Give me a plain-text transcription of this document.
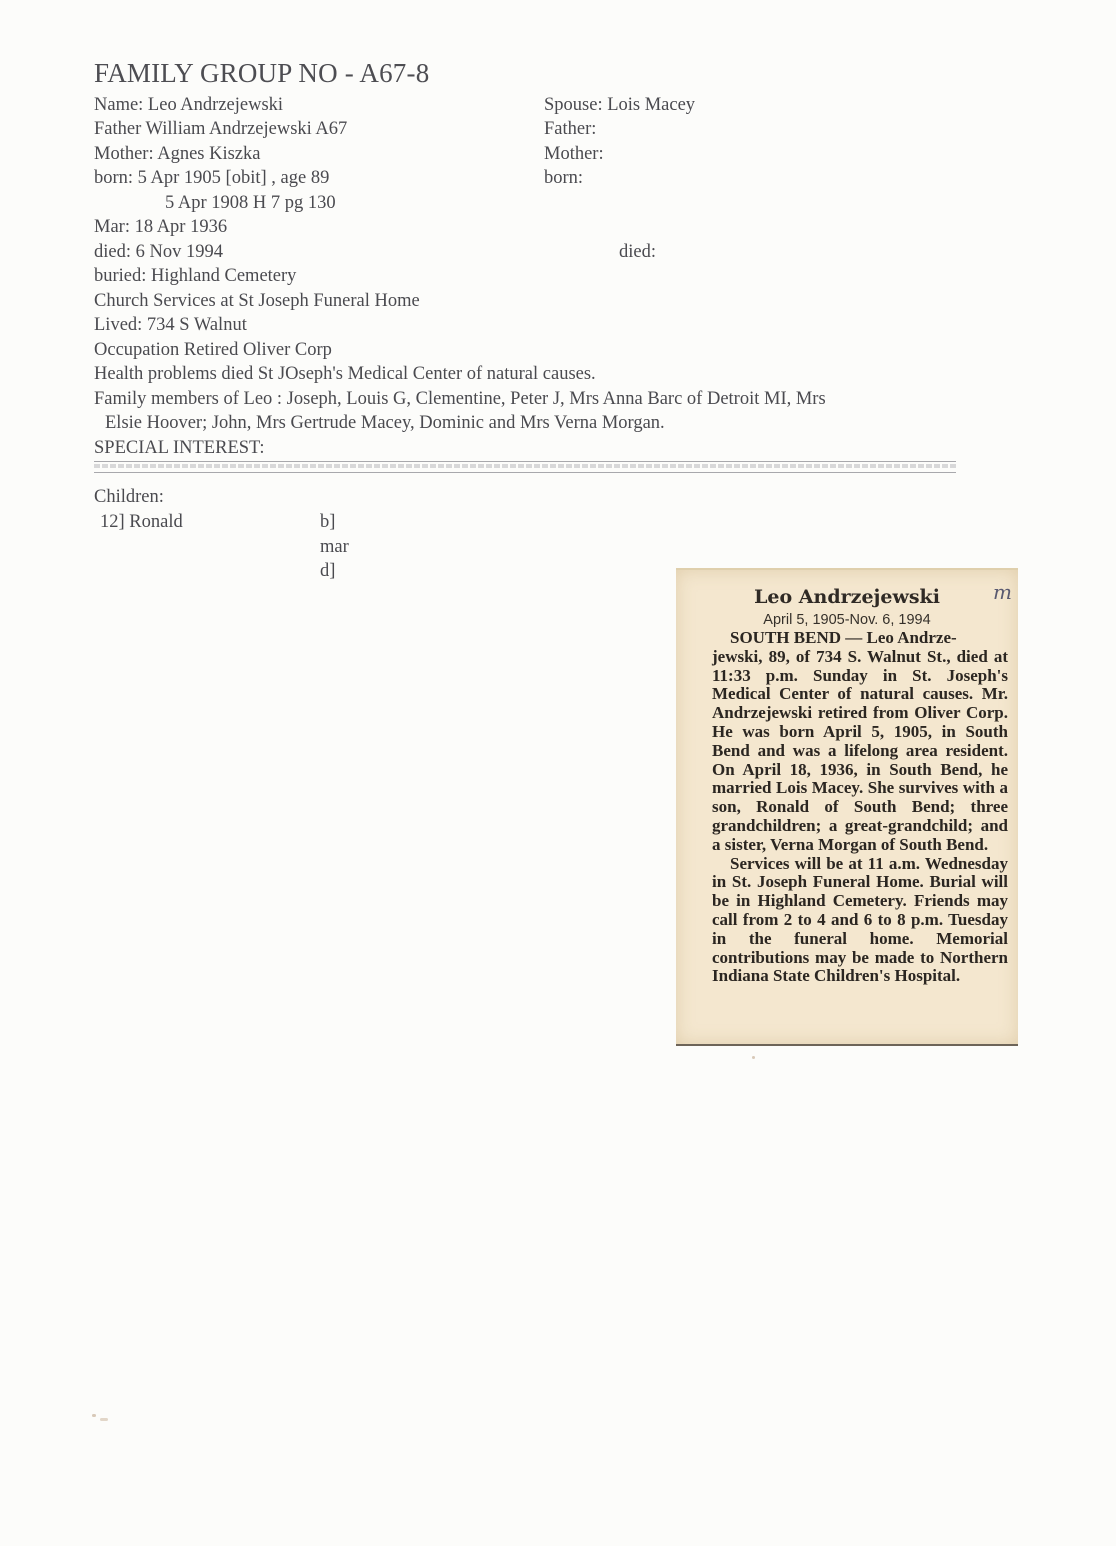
FAMILY GROUP NO - A67-8
Name: Leo Andrzejewski
Father William Andrzejewski A67
Mother: Agnes Kiszka
born: 5 Apr 1905 [obit] , age 89
5 Apr 1908 H 7 pg 130
Mar: 18 Apr 1936
died: 6 Nov 1994
buried: Highland Cemetery
Church Services at St Joseph Funeral Home
Lived: 734 S Walnut
Occupation Retired Oliver Corp
Health problems died St JOseph's Medical Center of natural causes.
Family members of Leo : Joseph, Louis G, Clementine, Peter J, Mrs Anna Barc of Detroit MI, Mrs
Elsie Hoover; John, Mrs Gertrude Macey, Dominic and Mrs Verna Morgan.
SPECIAL INTEREST:
Spouse: Lois Macey
Father:
Mother:
born:
died:
Children:
12] Ronald	b]
mar
d]
Leo Andrzejewski	m
April 5, 1905-Nov. 6, 1994

SOUTH BEND — Leo Andrze-
jewski, 89, of 734 S. Walnut St., died at 11:33 p.m. Sunday in St. Joseph's Medical Center of natural causes. Mr. Andrzejewski retired from Oliver Corp. He was born April 5, 1905, in South Bend and was a lifelong area resident. On April 18, 1936, in South Bend, he married Lois Macey. She survives with a son, Ronald of South Bend; three grandchildren; a great-grandchild; and a sister, Verna Morgan of South Bend.

Services will be at 11 a.m. Wednesday in St. Joseph Funeral Home. Burial will be in Highland Cemetery. Friends may call from 2 to 4 and 6 to 8 p.m. Tuesday in the funeral home. Memorial contributions may be made to Northern Indiana State Children's Hospital.
